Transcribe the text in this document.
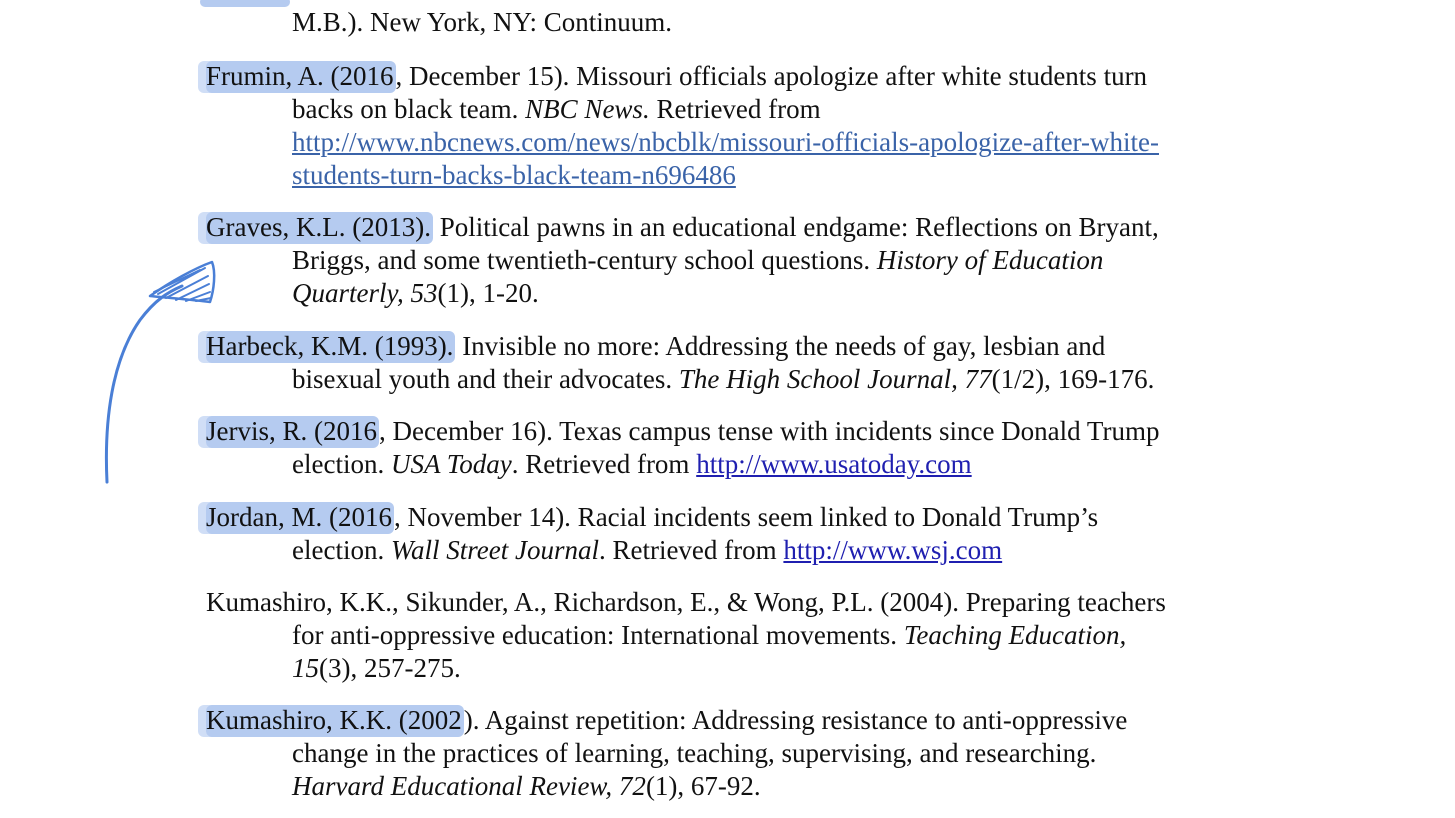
M.B.). New York, NY: Continuum.
Frumin, A. (2016, December 15). Missouri officials apologize after white students turn
backs on black team. NBC News. Retrieved from
http://www.nbcnews.com/news/nbcblk/missouri-officials-apologize-after-white-
students-turn-backs-black-team-n696486
Graves, K.L. (2013). Political pawns in an educational endgame: Reflections on Bryant,
Briggs, and some twentieth-century school questions. History of Education
Quarterly, 53(1), 1-20.
Harbeck, K.M. (1993). Invisible no more: Addressing the needs of gay, lesbian and
bisexual youth and their advocates. The High School Journal, 77(1/2), 169-176.
Jervis, R. (2016, December 16). Texas campus tense with incidents since Donald Trump
election. USA Today. Retrieved from http://www.usatoday.com
Jordan, M. (2016, November 14). Racial incidents seem linked to Donald Trump’s
election. Wall Street Journal. Retrieved from http://www.wsj.com
Kumashiro, K.K., Sikunder, A., Richardson, E., & Wong, P.L. (2004). Preparing teachers
for anti-oppressive education: International movements. Teaching Education,
15(3), 257-275.
Kumashiro, K.K. (2002). Against repetition: Addressing resistance to anti-oppressive
change in the practices of learning, teaching, supervising, and researching.
Harvard Educational Review, 72(1), 67-92.
